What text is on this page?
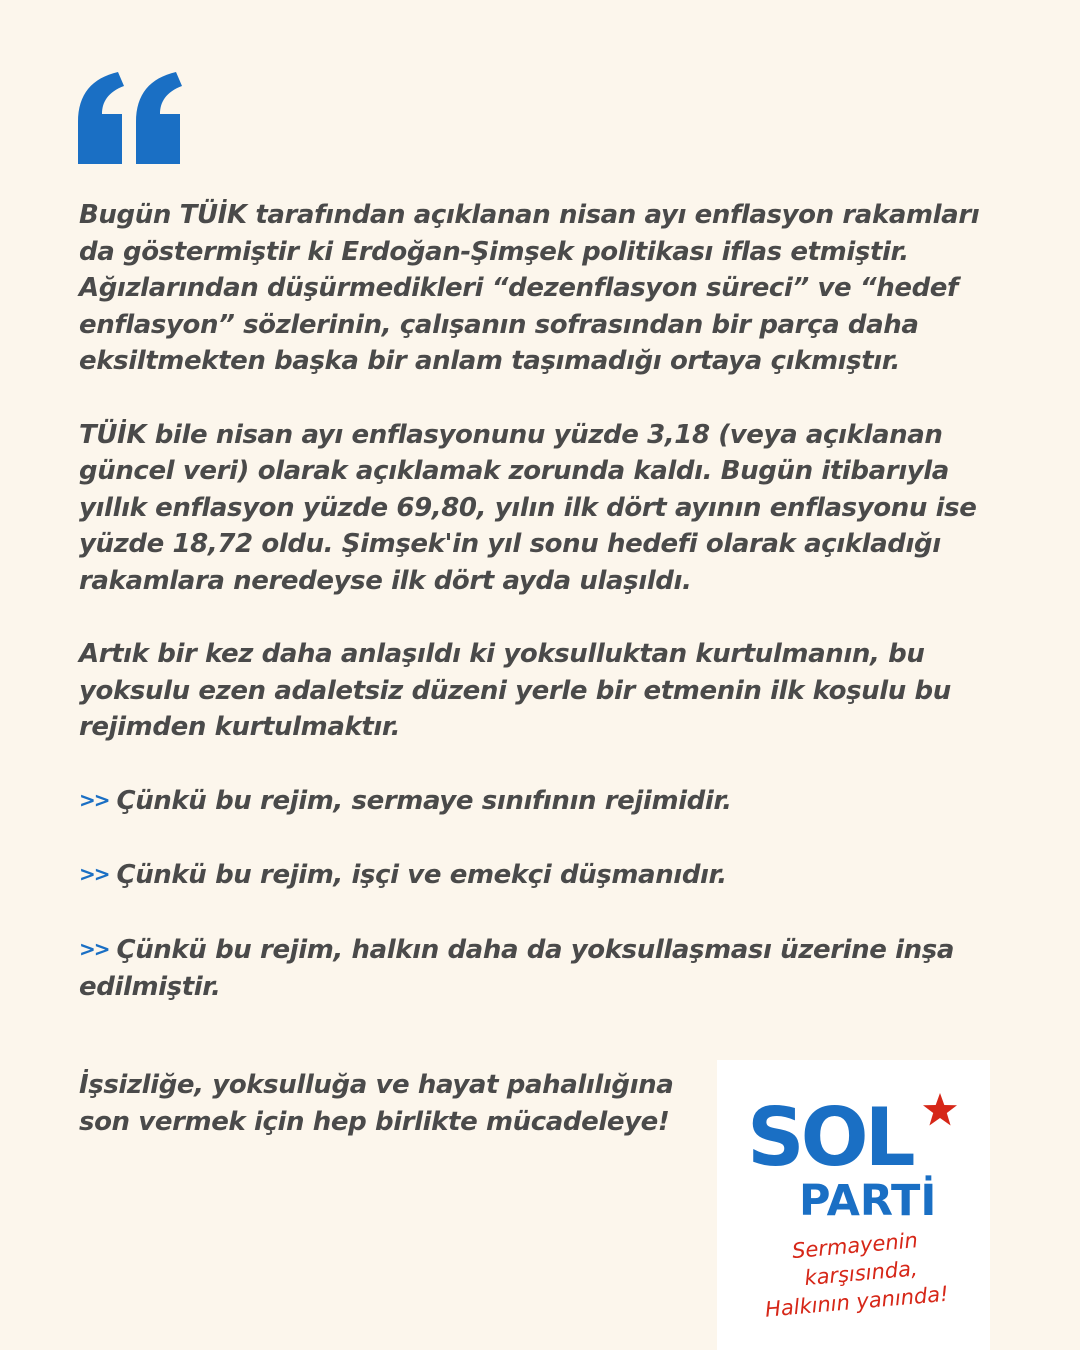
Bugün TÜİK tarafından açıklanan nisan ayı enflasyon rakamları da göstermiştir ki Erdoğan-Şimşek politikası iflas etmiştir. Ağızlarından düşürmedikleri “dezenflasyon süreci” ve “hedef enflasyon” sözlerinin, çalışanın sofrasından bir parça daha eksiltmekten başka bir anlam taşımadığı ortaya çıkmıştır.

TÜİK bile nisan ayı enflasyonunu yüzde 3,18 (veya açıklanan güncel veri) olarak açıklamak zorunda kaldı. Bugün itibarıyla yıllık enflasyon yüzde 69,80, yılın ilk dört ayının enflasyonu ise yüzde 18,72 oldu. Şimşek'in yıl sonu hedefi olarak açıkladığı rakamlara neredeyse ilk dört ayda ulaşıldı.

Artık bir kez daha anlaşıldı ki yoksulluktan kurtulmanın, bu yoksulu ezen adaletsiz düzeni yerle bir etmenin ilk koşulu bu rejimden kurtulmaktır.

>> Çünkü bu rejim, sermaye sınıfının rejimidir.

>> Çünkü bu rejim, işçi ve emekçi düşmanıdır.

>> Çünkü bu rejim, halkın daha da yoksullaşması üzerine inşa edilmiştir.

İşsizliğe, yoksulluğa ve hayat pahalılığına son vermek için hep birlikte mücadeleye! SOL
PARTİ
Sermayenin
karşısında,
Halkının yanında!
